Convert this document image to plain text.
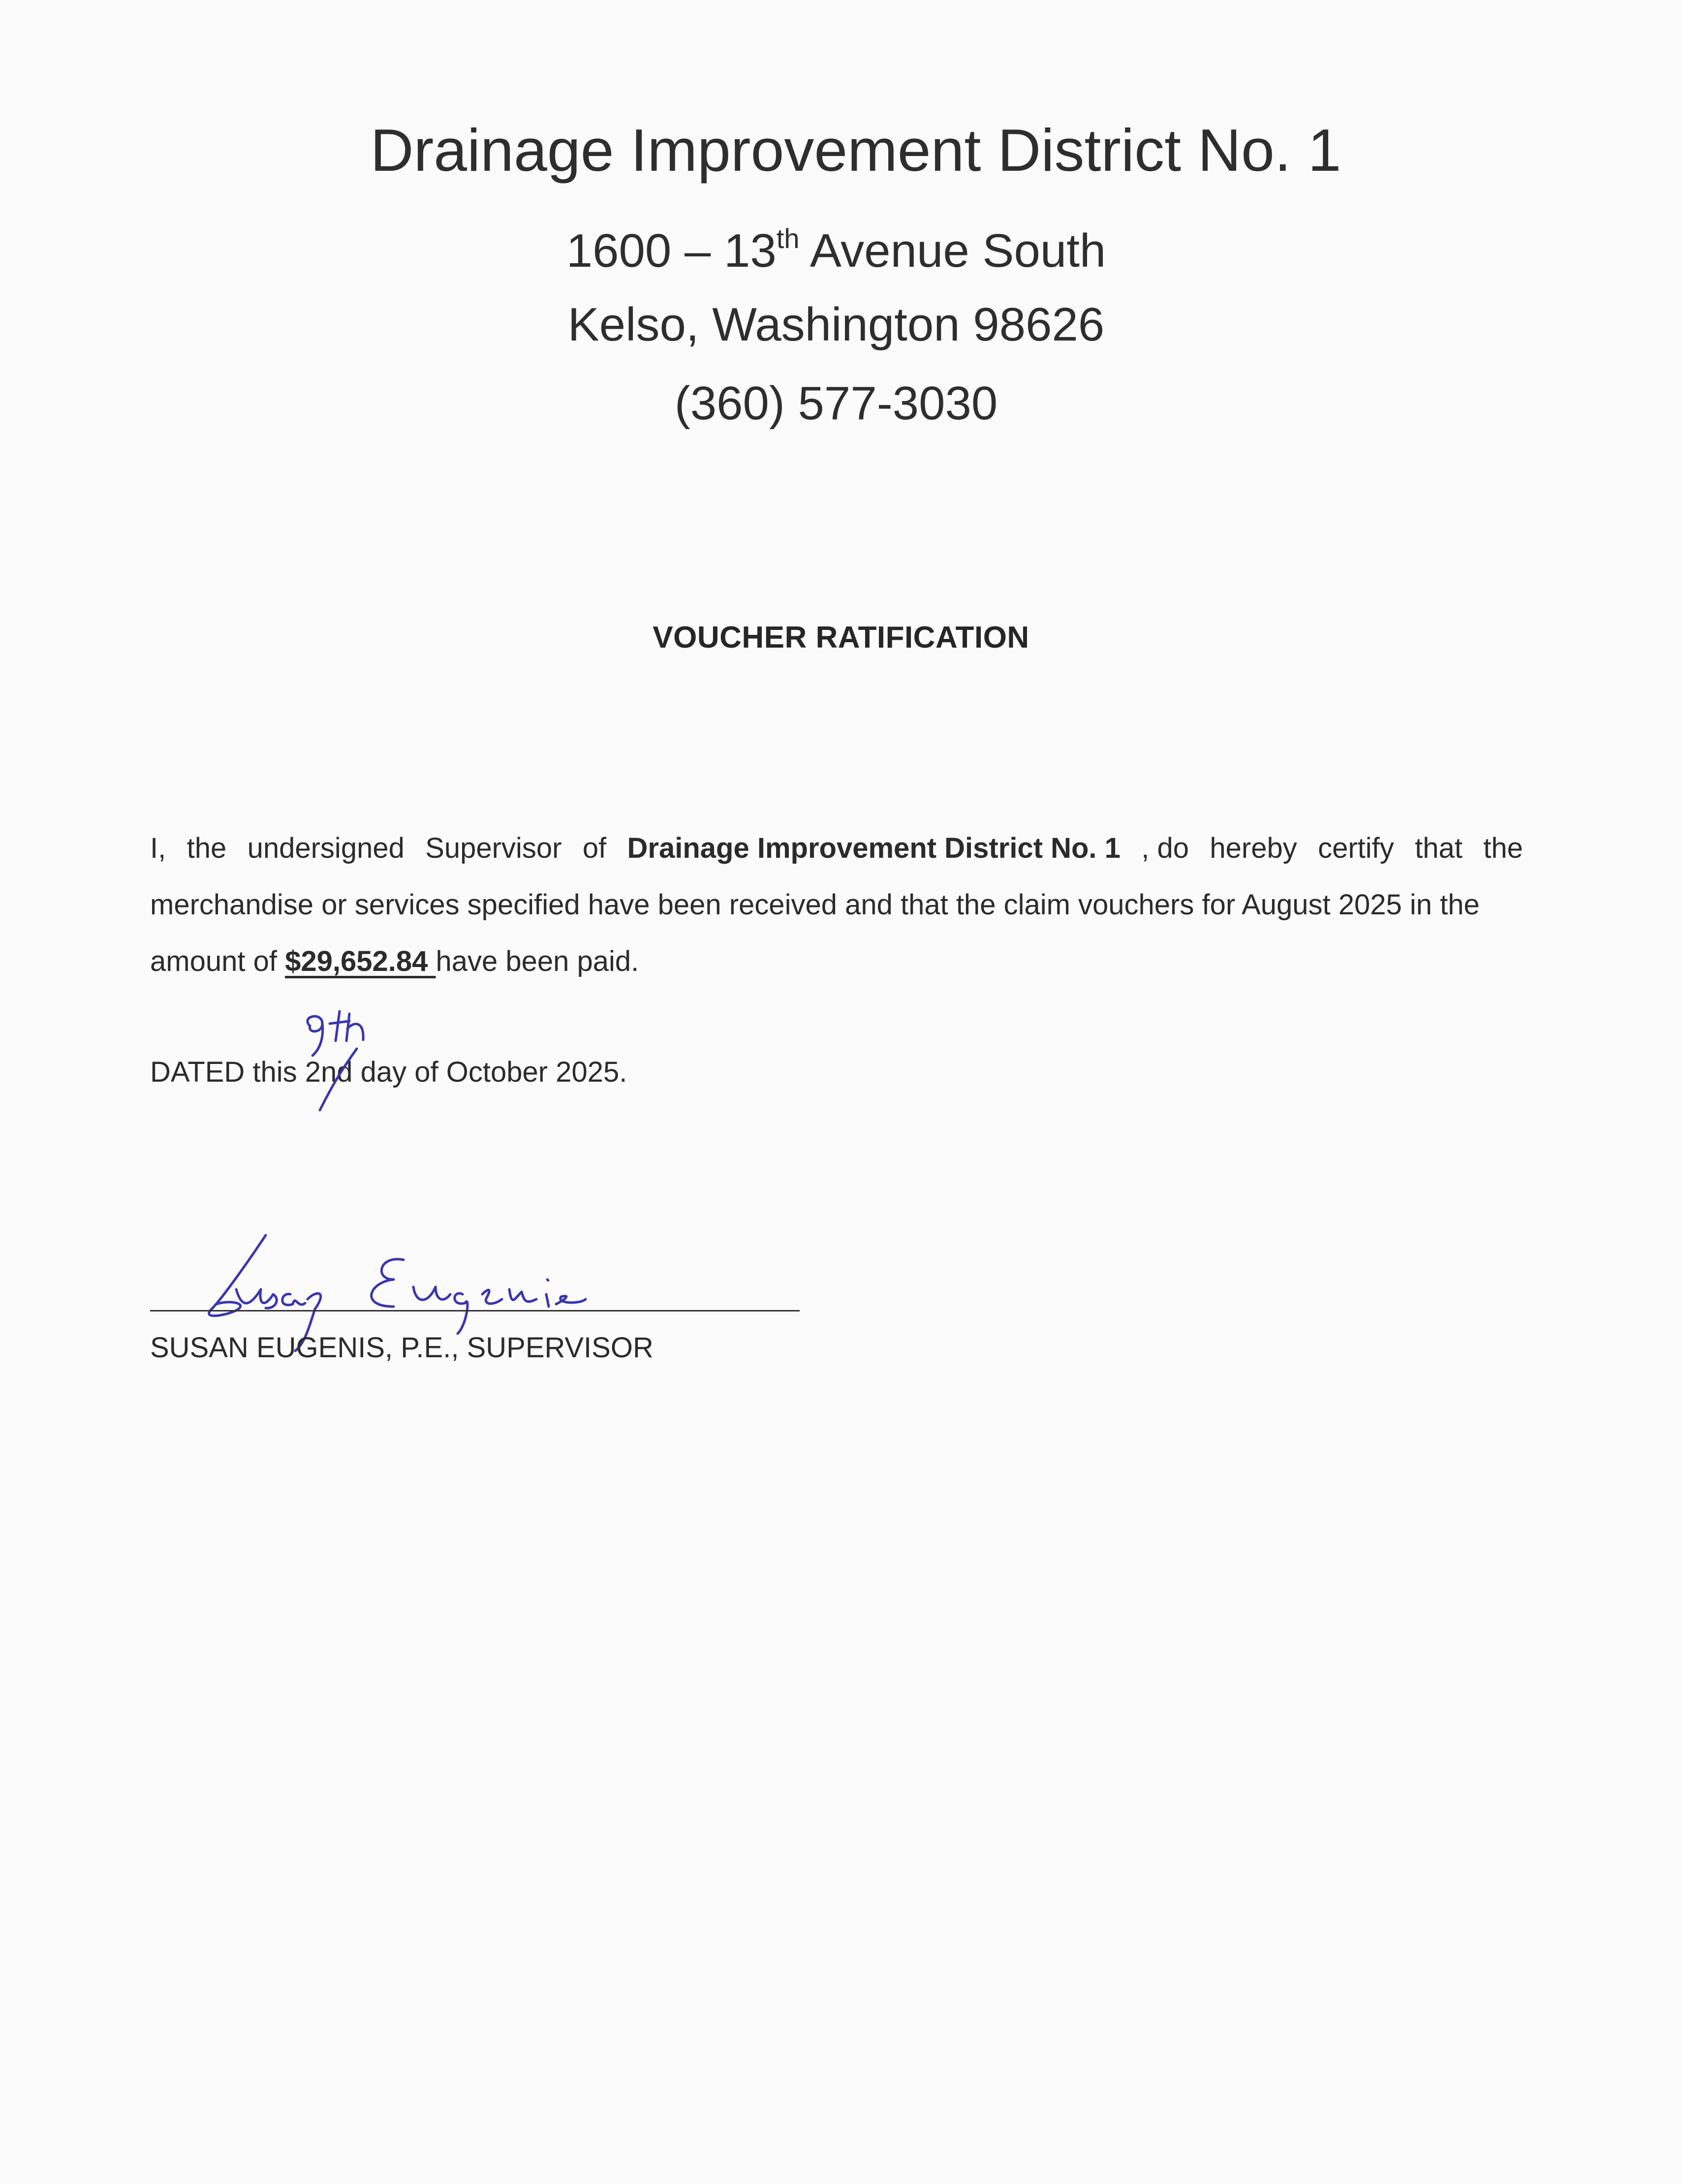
Drainage Improvement District No. 1
1600 – 13th Avenue South
Kelso, Washington 98626
(360) 577-3030
VOUCHER RATIFICATION
I, the undersigned Supervisor of Drainage Improvement District No. 1 , do hereby certify that the
merchandise or services specified have been received and that the claim vouchers for August 2025 in the
amount of $29,652.84 have been paid.
DATED this 2nd
day of October 2025.
SUSAN EUGENIS, P.E., SUPERVISOR
